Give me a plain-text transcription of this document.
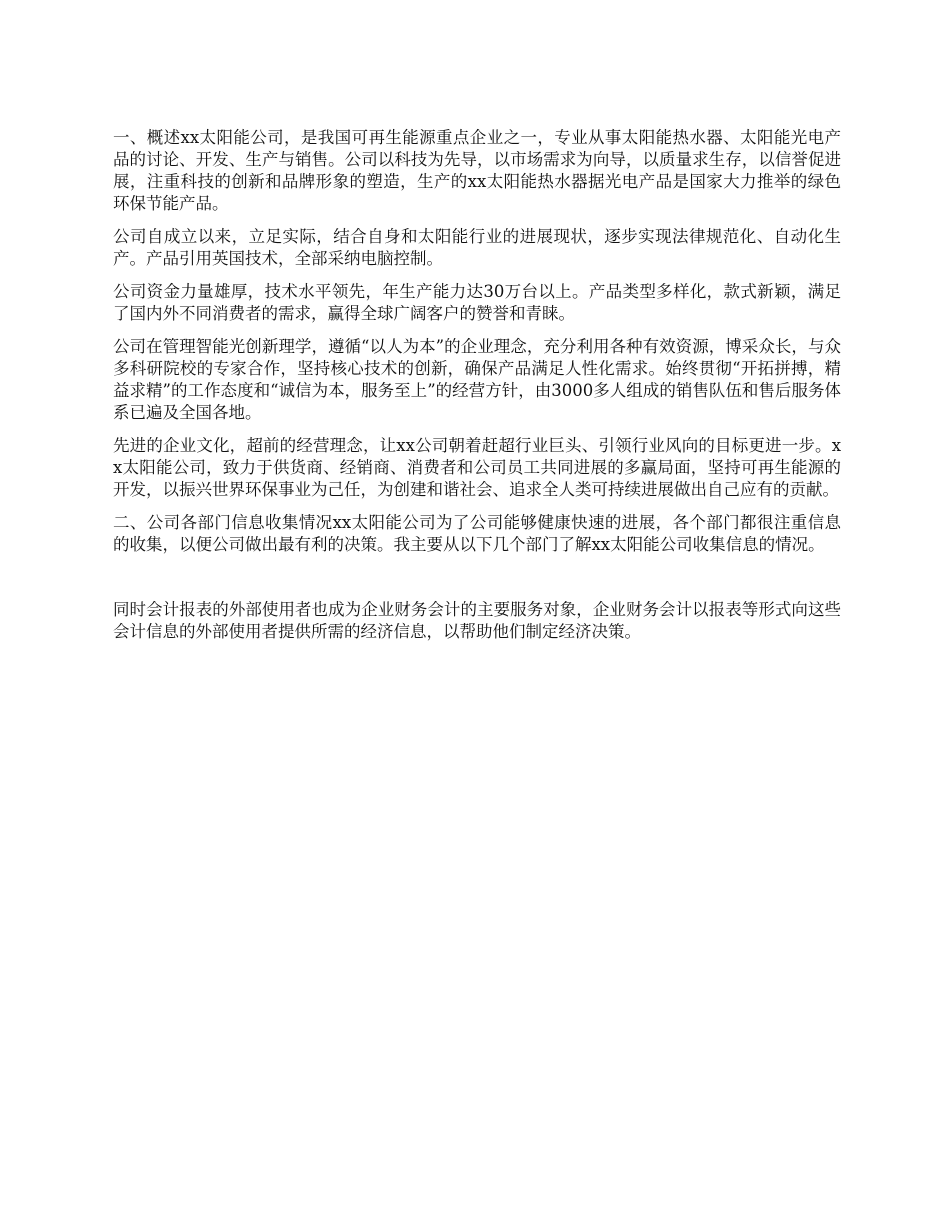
一、概述xx太阳能公司，是我国可再生能源重点企业之一，专业从事太阳能热水器、太阳能光电产品的讨论、开发、生产与销售。公司以科技为先导，以市场需求为向导，以质量求生存，以信誉促进展，注重科技的创新和品牌形象的塑造，生产的xx太阳能热水器据光电产品是国家大力推举的绿色环保节能产品。

公司自成立以来，立足实际，结合自身和太阳能行业的进展现状，逐步实现法律规范化、自动化生产。产品引用英国技术，全部采纳电脑控制。

公司资金力量雄厚，技术水平领先，年生产能力达30万台以上。产品类型多样化，款式新颖，满足了国内外不同消费者的需求，赢得全球广阔客户的赞誉和青睐。

公司在管理智能光创新理学，遵循“以人为本”的企业理念，充分利用各种有效资源，博采众长，与众多科研院校的专家合作，坚持核心技术的创新，确保产品满足人性化需求。始终贯彻“开拓拼搏，精益求精”的工作态度和“诚信为本，服务至上”的经营方针，由3000多人组成的销售队伍和售后服务体系已遍及全国各地。

先进的企业文化，超前的经营理念，让xx公司朝着赶超行业巨头、引领行业风向的目标更进一步。xx太阳能公司，致力于供货商、经销商、消费者和公司员工共同进展的多赢局面，坚持可再生能源的开发，以振兴世界环保事业为己任，为创建和谐社会、追求全人类可持续进展做出自己应有的贡献。

二、公司各部门信息收集情况xx太阳能公司为了公司能够健康快速的进展，各个部门都很注重信息的收集，以便公司做出最有利的决策。我主要从以下几个部门了解xx太阳能公司收集信息的情况。

同时会计报表的外部使用者也成为企业财务会计的主要服务对象，企业财务会计以报表等形式向这些会计信息的外部使用者提供所需的经济信息，以帮助他们制定经济决策。
